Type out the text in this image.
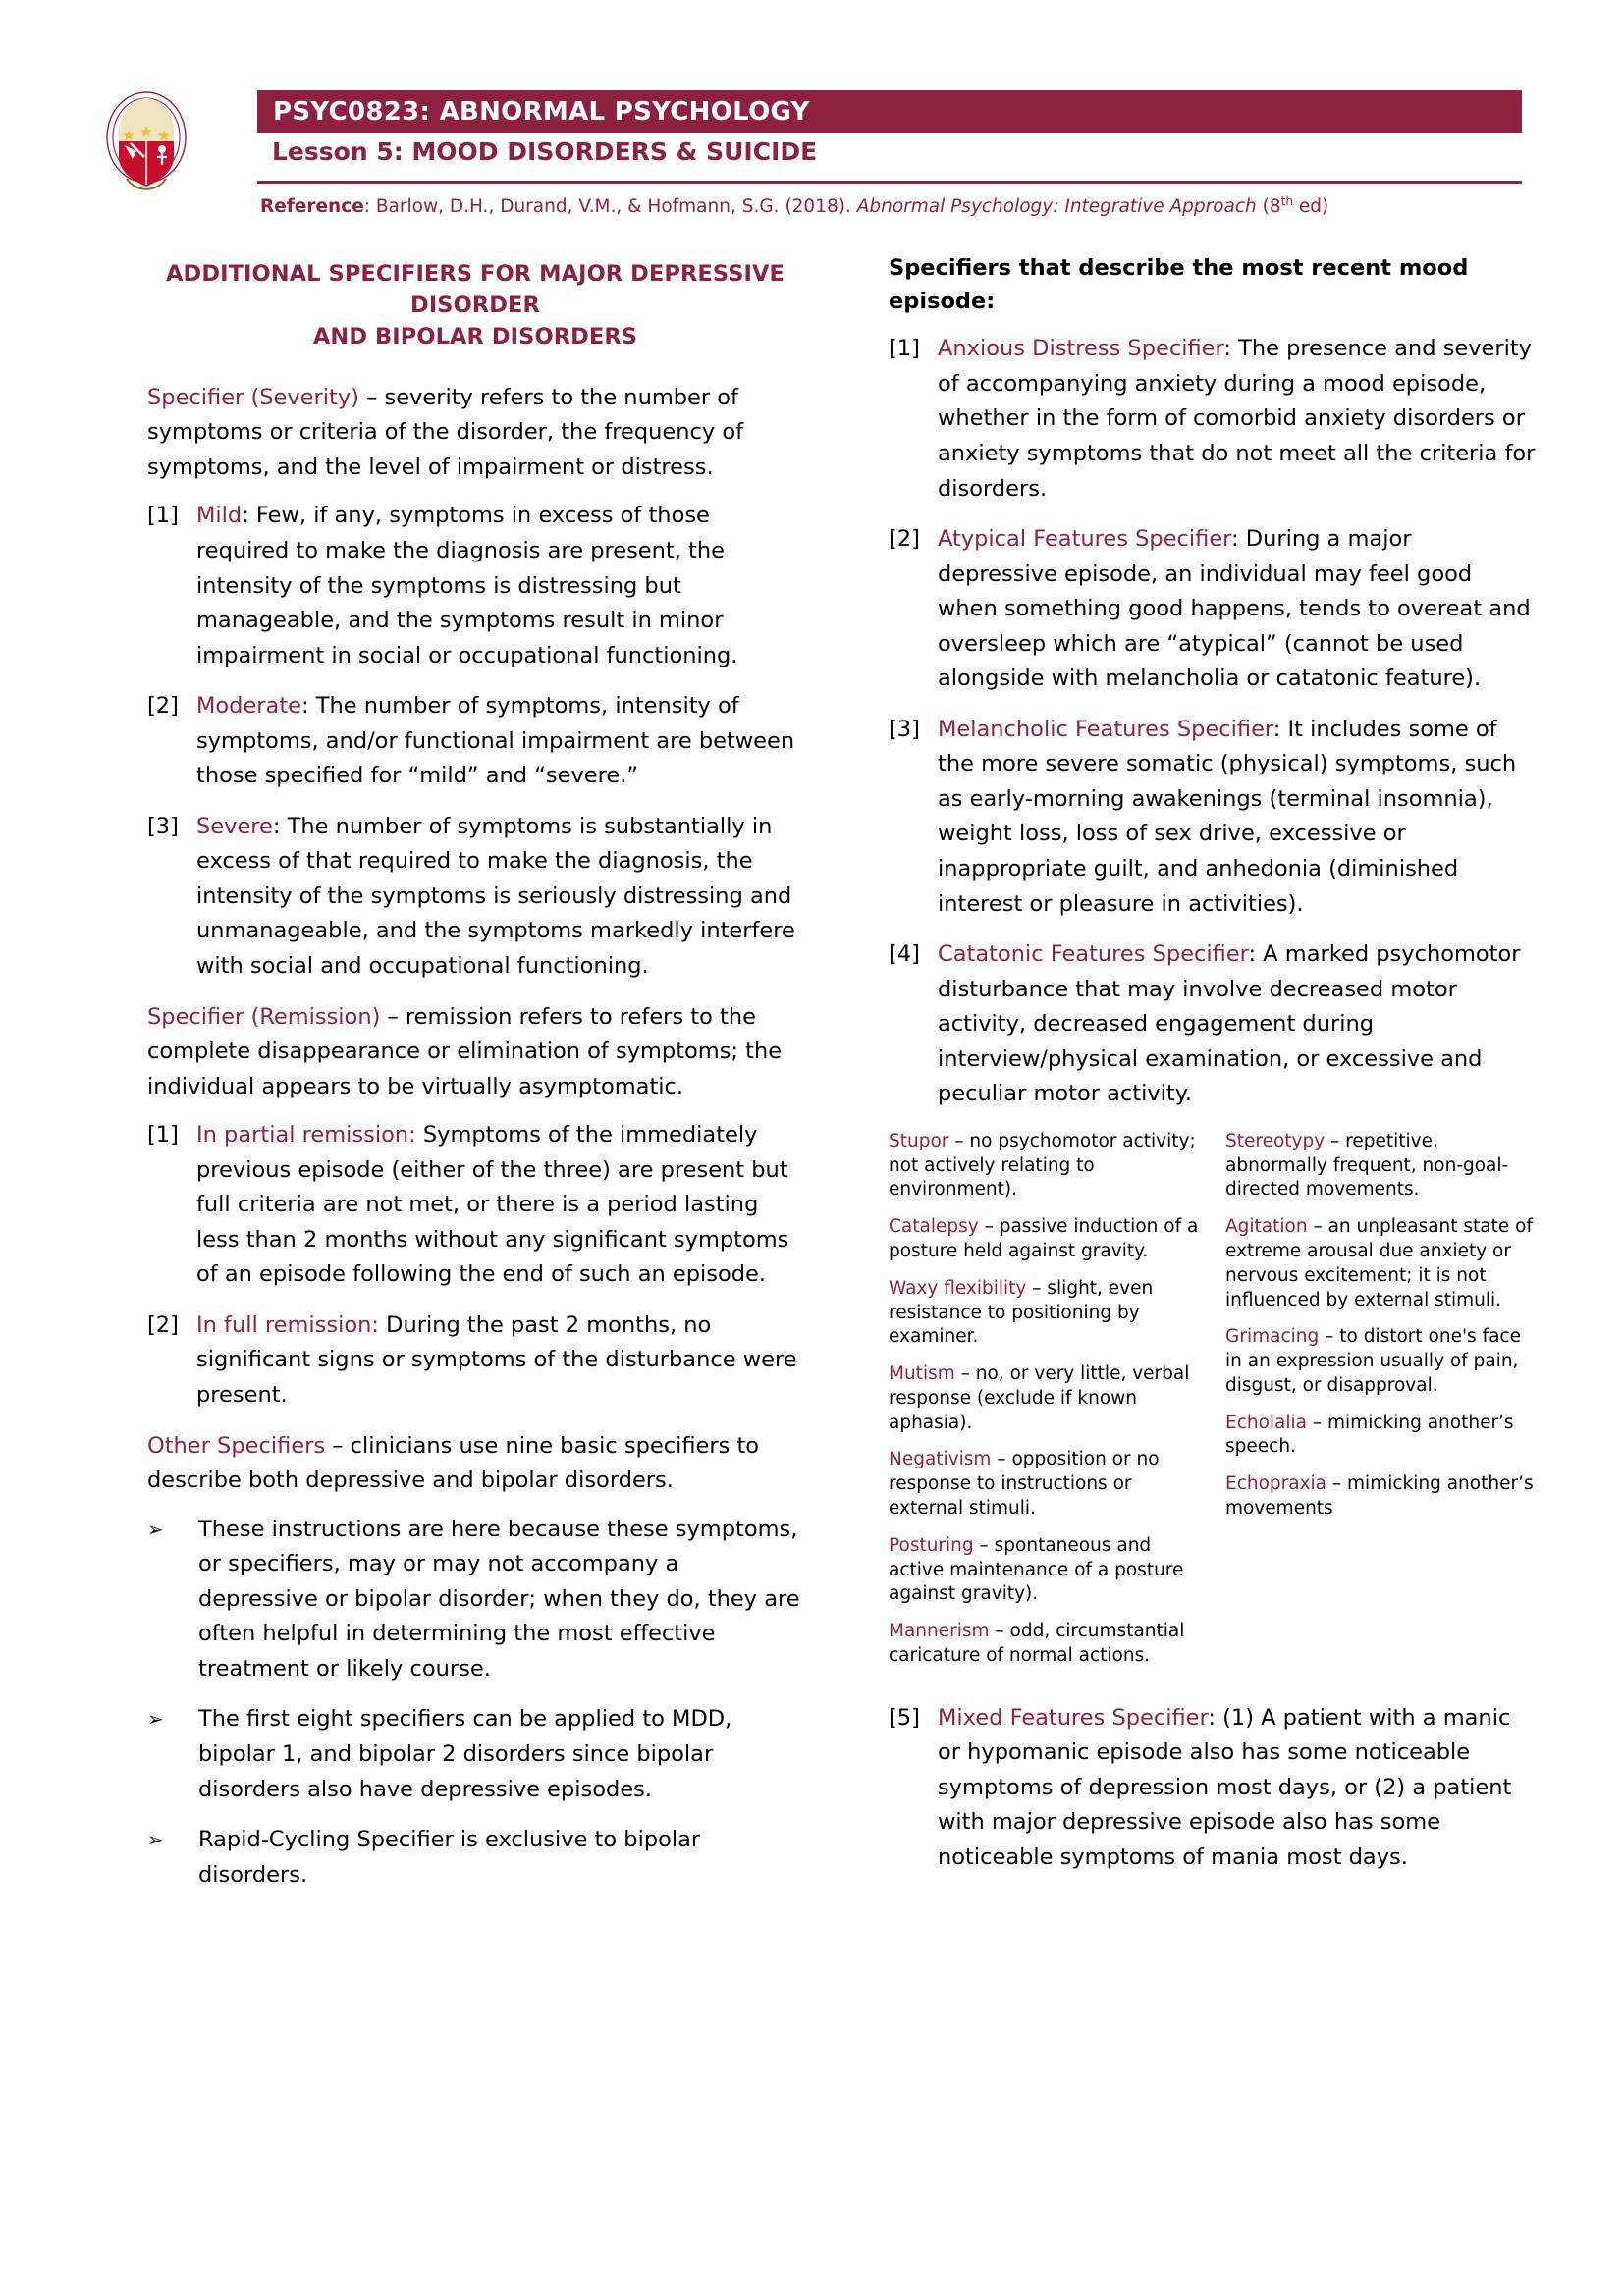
PSYC0823: ABNORMAL PSYCHOLOGY
Lesson 5: MOOD DISORDERS & SUICIDE
Reference: Barlow, D.H., Durand, V.M., & Hofmann, S.G. (2018). Abnormal Psychology: Integrative Approach (8th ed)
ADDITIONAL SPECIFIERS FOR MAJOR DEPRESSIVE DISORDER
AND BIPOLAR DISORDERS

Specifier (Severity) – severity refers to the number of symptoms or criteria of the disorder, the frequency of symptoms, and the level of impairment or distress.

[1] Mild: Few, if any, symptoms in excess of those required to make the diagnosis are present, the intensity of the symptoms is distressing but manageable, and the symptoms result in minor impairment in social or occupational functioning.
[2] Moderate: The number of symptoms, intensity of symptoms, and/or functional impairment are between those specified for “mild” and “severe.”
[3] Severe: The number of symptoms is substantially in excess of that required to make the diagnosis, the intensity of the symptoms is seriously distressing and unmanageable, and the symptoms markedly interfere with social and occupational functioning.

Specifier (Remission) – remission refers to refers to the complete disappearance or elimination of symptoms; the individual appears to be virtually asymptomatic.

[1] In partial remission: Symptoms of the immediately previous episode (either of the three) are present but full criteria are not met, or there is a period lasting less than 2 months without any significant symptoms of an episode following the end of such an episode.
[2] In full remission: During the past 2 months, no significant signs or symptoms of the disturbance were present.

Other Specifiers – clinicians use nine basic specifiers to describe both depressive and bipolar disorders.

➢	These instructions are here because these symptoms, or specifiers, may or may not accompany a depressive or bipolar disorder; when they do, they are often helpful in determining the most effective treatment or likely course.
➢	The first eight specifiers can be applied to MDD, bipolar 1, and bipolar 2 disorders since bipolar disorders also have depressive episodes.
➢	Rapid-Cycling Specifier is exclusive to bipolar disorders.
Specifiers that describe the most recent mood episode:
[1] Anxious Distress Specifier: The presence and severity of accompanying anxiety during a mood episode, whether in the form of comorbid anxiety disorders or anxiety symptoms that do not meet all the criteria for disorders.
[2] Atypical Features Specifier: During a major depressive episode, an individual may feel good when something good happens, tends to overeat and oversleep which are “atypical” (cannot be used alongside with melancholia or catatonic feature).
[3] Melancholic Features Specifier: It includes some of the more severe somatic (physical) symptoms, such as early-morning awakenings (terminal insomnia), weight loss, loss of sex drive, excessive or inappropriate guilt, and anhedonia (diminished interest or pleasure in activities).
[4] Catatonic Features Specifier: A marked psychomotor disturbance that may involve decreased motor activity, decreased engagement during interview/physical examination, or excessive and peculiar motor activity.

Stupor – no psychomotor activity; not actively relating to environment).

Catalepsy – passive induction of a posture held against gravity.

Waxy flexibility – slight, even resistance to positioning by examiner.

Mutism – no, or very little, verbal response (exclude if known aphasia).

Negativism – opposition or no response to instructions or external stimuli.

Posturing – spontaneous and active maintenance of a posture against gravity).

Mannerism – odd, circumstantial caricature of normal actions.

Stereotypy – repetitive, abnormally frequent, non-goal-directed movements.

Agitation – an unpleasant state of extreme arousal due anxiety or nervous excitement; it is not influenced by external stimuli.

Grimacing – to distort one's face in an expression usually of pain, disgust, or disapproval.

Echolalia – mimicking another’s speech.

Echopraxia – mimicking another’s movements

[5] Mixed Features Specifier: (1) A patient with a manic or hypomanic episode also has some noticeable symptoms of depression most days, or (2) a patient with major depressive episode also has some noticeable symptoms of mania most days.
